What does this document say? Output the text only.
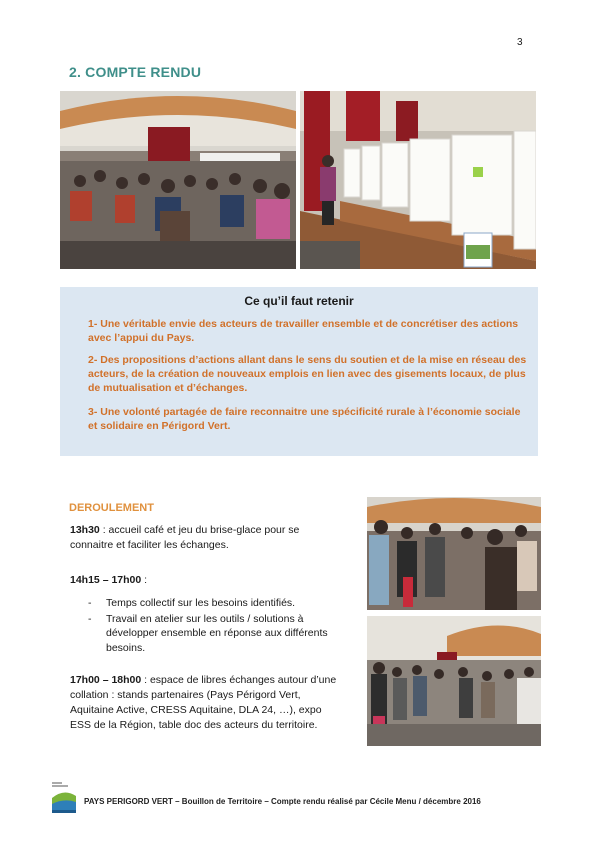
3
2. COMPTE RENDU
Ce qu’il faut retenir
1- Une véritable envie des acteurs de travailler ensemble et de concrétiser des actions avec l’appui du Pays.
2- Des propositions d’actions allant dans le sens du soutien et de la mise en réseau des acteurs, de la création de nouveaux emplois en lien avec des gisements locaux, de plus de mutualisation et d’échanges.
3- Une volonté partagée de faire reconnaitre une spécificité rurale à l’économie sociale et solidaire en Périgord Vert.
DEROULEMENT
13h30 : accueil café et jeu du brise-glace pour se connaitre et faciliter les échanges.
14h15 – 17h00 :
- Temps collectif sur les besoins identifiés.
- Travail en atelier sur les outils / solutions à développer ensemble en réponse aux différents besoins.
17h00 – 18h00 : espace de libres échanges autour d’une collation : stands partenaires (Pays Périgord Vert, Aquitaine Active, CRESS Aquitaine, DLA 24, …), expo ESS de la Région, table doc des acteurs du territoire.
PAYS PERIGORD VERT – Bouillon de Territoire – Compte rendu réalisé par Cécile Menu / décembre 2016
